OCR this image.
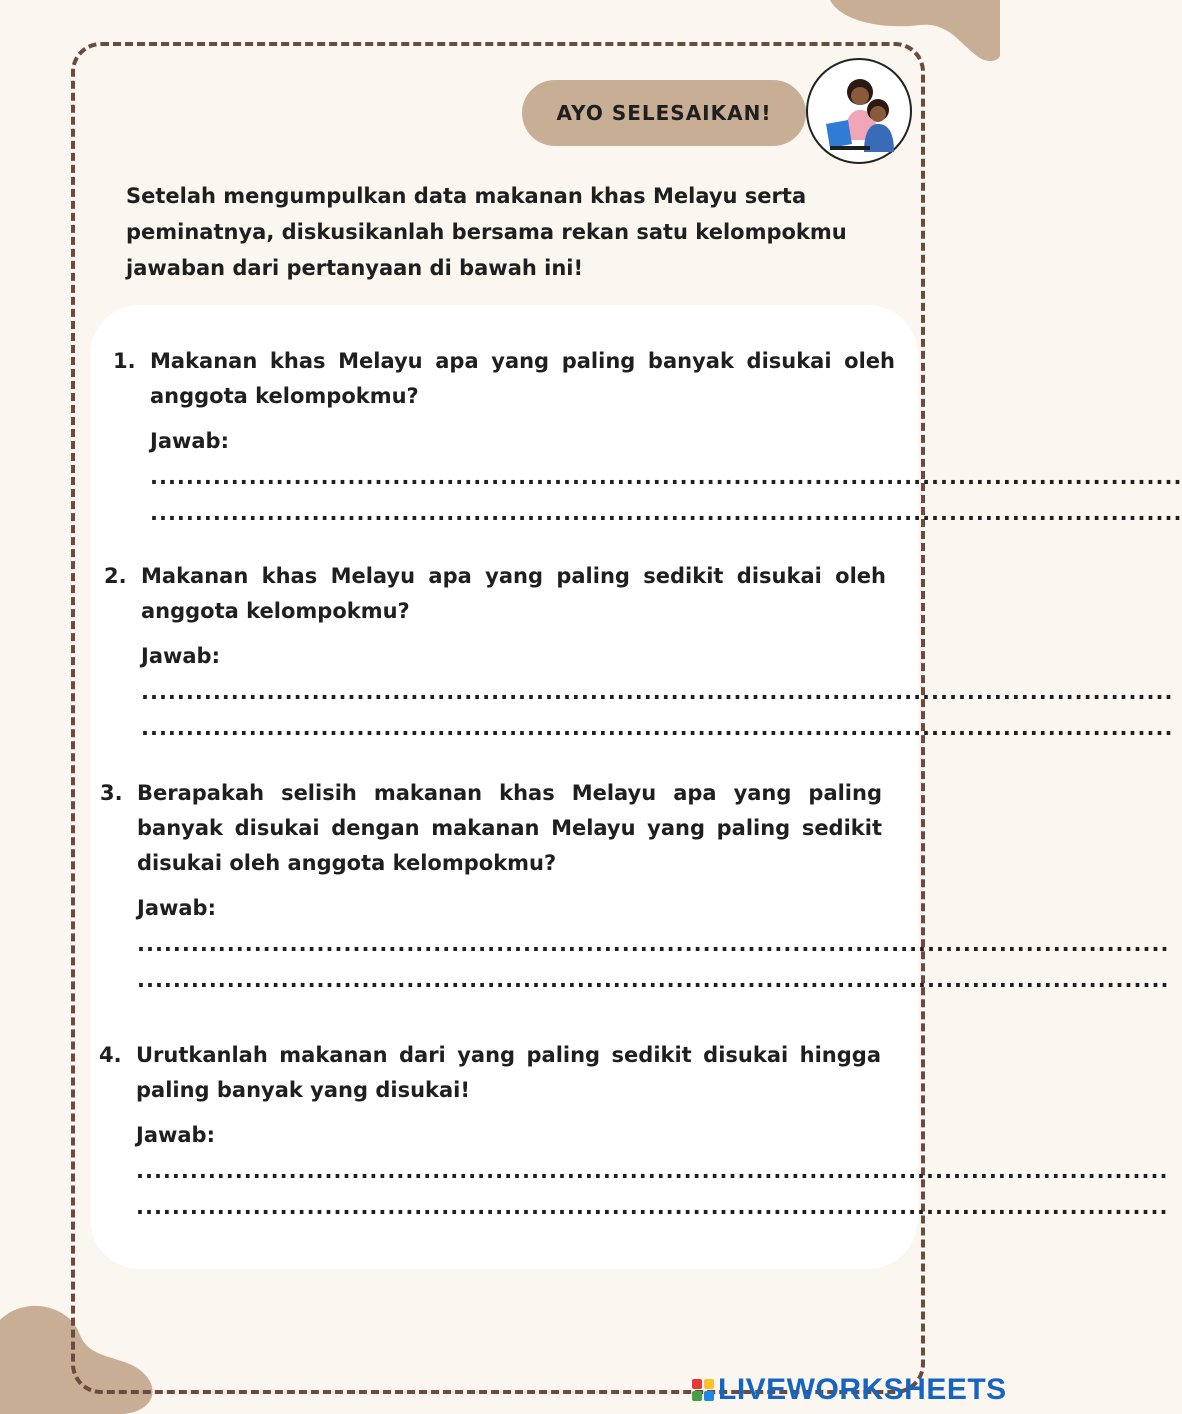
AYO SELESAIKAN!
Setelah mengumpulkan data makanan khas Melayu serta peminatnya, diskusikanlah bersama rekan satu kelompokmu jawaban dari pertanyaan di bawah ini!
1. Makanan khas Melayu apa yang paling banyak disukai oleh anggota kelompokmu?
Jawab:
...................................................................................................................
...................................................................................................................
2. Makanan khas Melayu apa yang paling sedikit disukai oleh anggota kelompokmu?
Jawab:
...................................................................................................................
...................................................................................................................
3. Berapakah selisih makanan khas Melayu apa yang paling banyak disukai dengan makanan Melayu yang paling sedikit disukai oleh anggota kelompokmu?
Jawab:
...................................................................................................................
...................................................................................................................
4. Urutkanlah makanan dari yang paling sedikit disukai hingga paling banyak yang disukai!
Jawab:
...................................................................................................................
...................................................................................................................
LIVEWORKSHEETS
